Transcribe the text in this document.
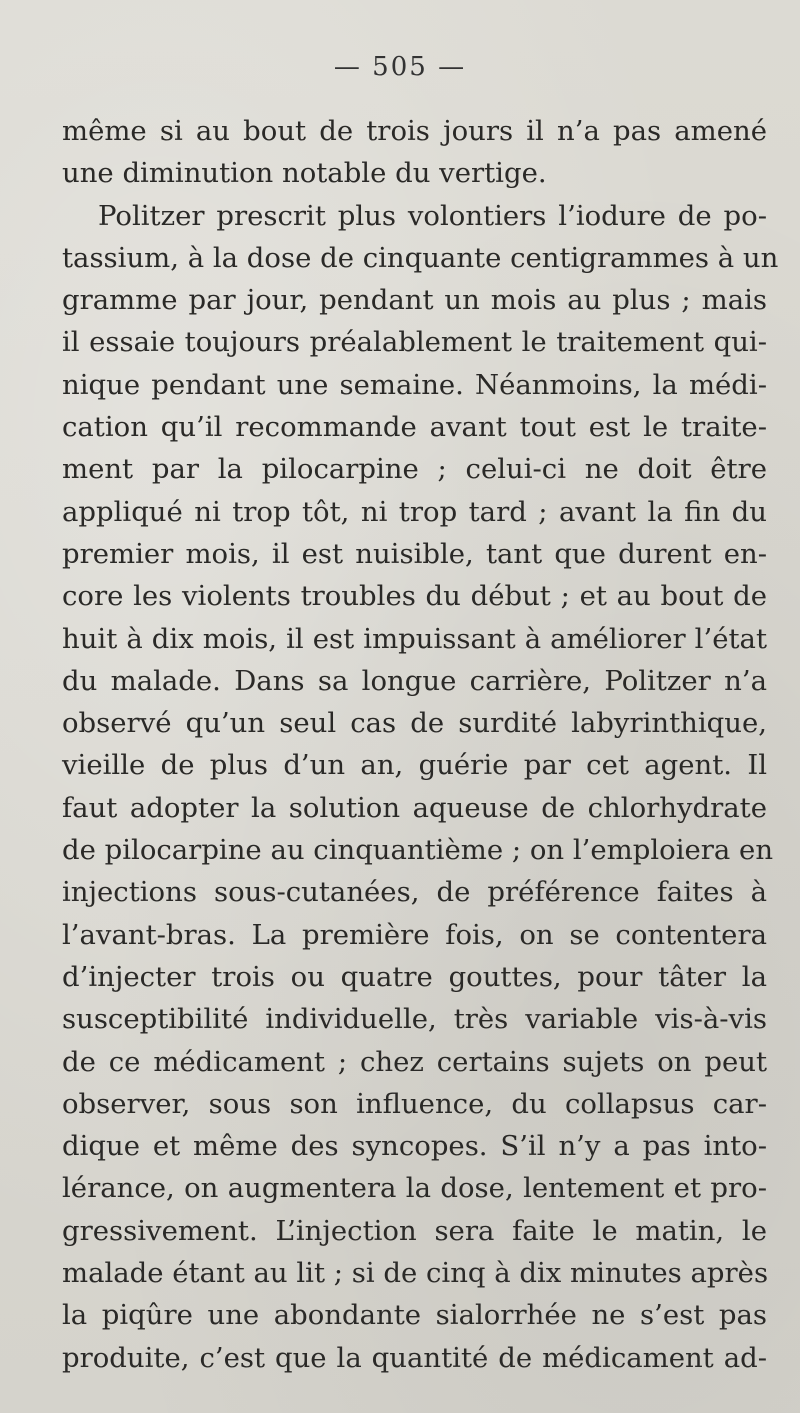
— 505 —
même si au bout de trois jours il n’a pas amené
une diminution notable du vertige.
Politzer prescrit plus volontiers l’iodure de po-
tassium, à la dose de cinquante centigrammes à un
gramme par jour, pendant un mois au plus ; mais
il essaie toujours préalablement le traitement qui-
nique pendant une semaine. Néanmoins, la médi-
cation qu’il recommande avant tout est le traite-
ment par la pilocarpine ; celui-ci ne doit être
appliqué ni trop tôt, ni trop tard ; avant la fin du
premier mois, il est nuisible, tant que durent en-
core les violents troubles du début ; et au bout de
huit à dix mois, il est impuissant à améliorer l’état
du malade. Dans sa longue carrière, Politzer n’a
observé qu’un seul cas de surdité labyrinthique,
vieille de plus d’un an, guérie par cet agent. Il
faut adopter la solution aqueuse de chlorhydrate
de pilocarpine au cinquantième ; on l’emploiera en
injections sous-cutanées, de préférence faites à
l’avant-bras. La première fois, on se contentera
d’injecter trois ou quatre gouttes, pour tâter la
susceptibilité individuelle, très variable vis-à-vis
de ce médicament ; chez certains sujets on peut
observer, sous son influence, du collapsus car-
dique et même des syncopes. S’il n’y a pas into-
lérance, on augmentera la dose, lentement et pro-
gressivement. L’injection sera faite le matin, le
malade étant au lit ; si de cinq à dix minutes après
la piqûre une abondante sialorrhée ne s’est pas
produite, c’est que la quantité de médicament ad-
